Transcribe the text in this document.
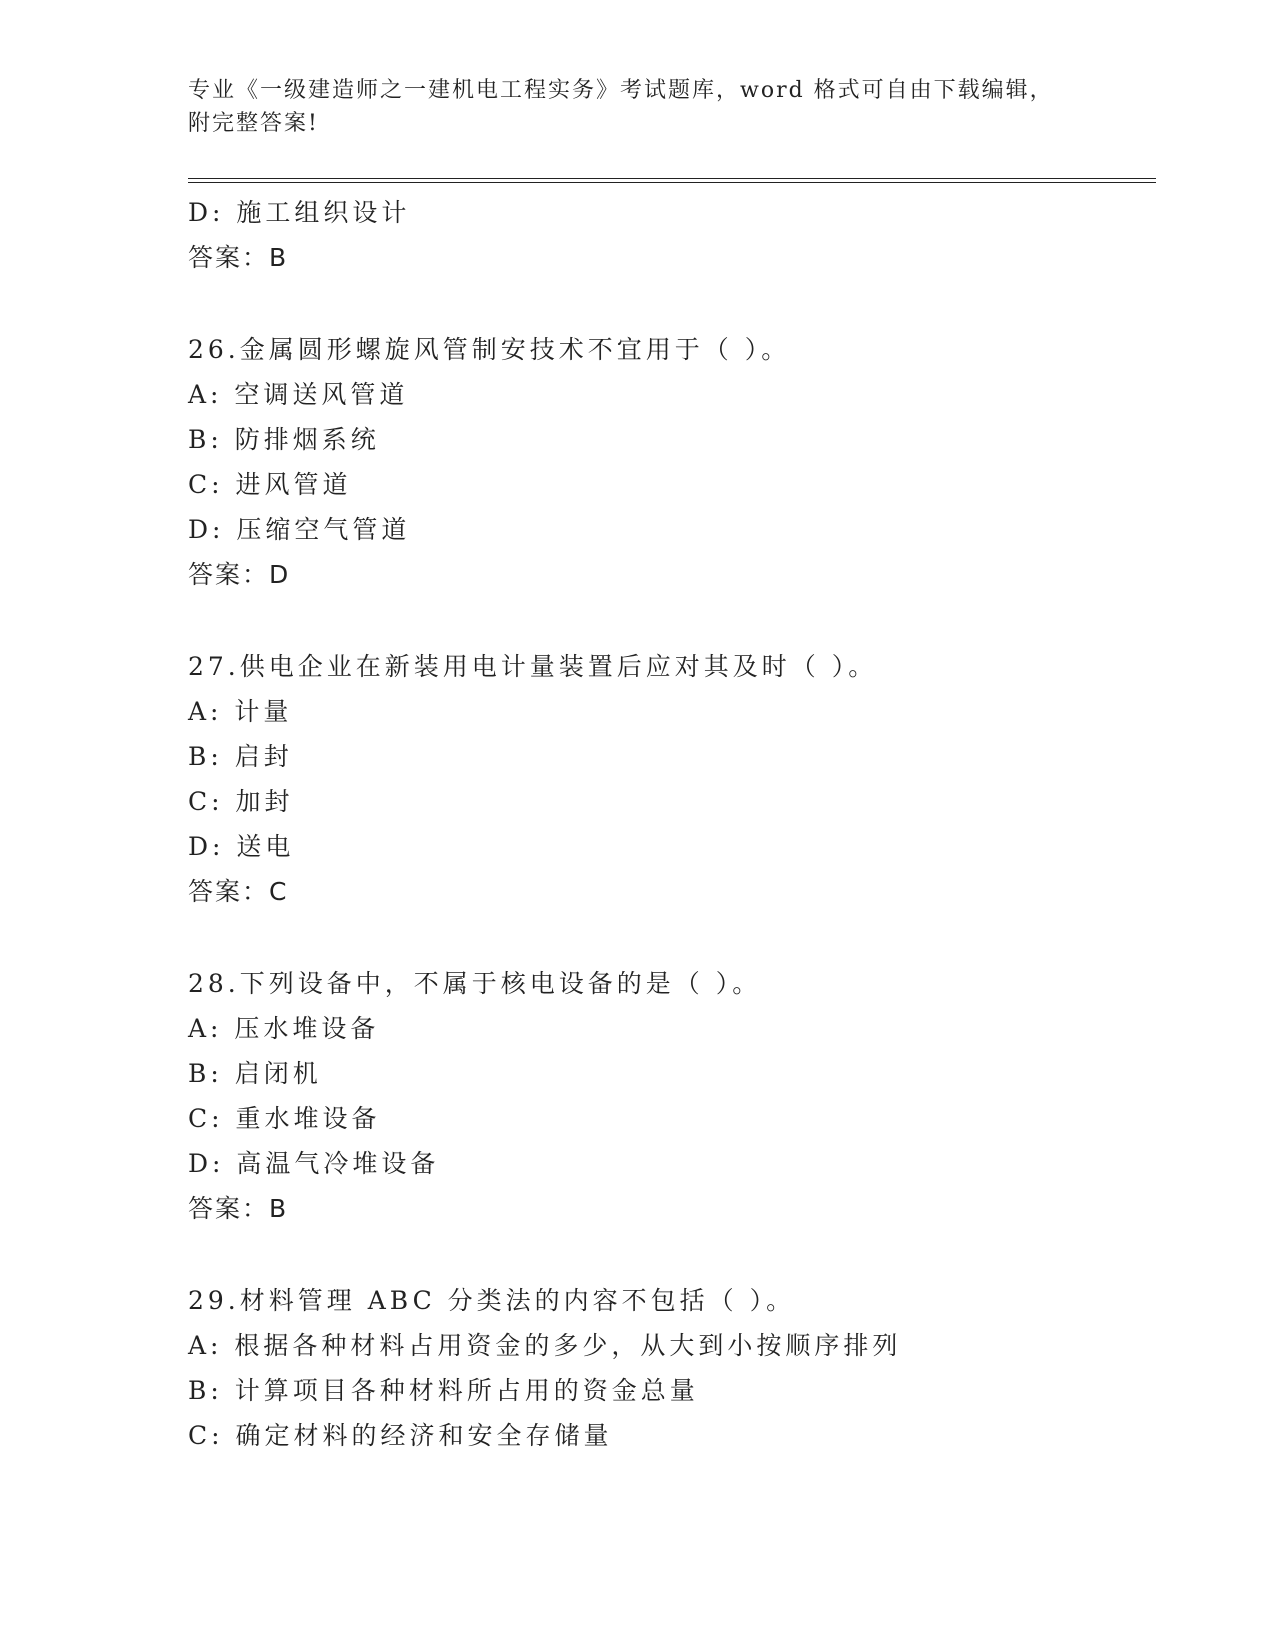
专业《一级建造师之一建机电工程实务》考试题库，word 格式可自由下载编辑，
附完整答案!
D: 施工组织设计
答案：B
26.金属圆形螺旋风管制安技术不宜用于（ ）。
A: 空调送风管道
B: 防排烟系统
C: 进风管道
D: 压缩空气管道
答案：D
27.供电企业在新装用电计量装置后应对其及时（ ）。
A: 计量
B: 启封
C: 加封
D: 送电
答案：C
28.下列设备中，不属于核电设备的是（ ）。
A: 压水堆设备
B: 启闭机
C: 重水堆设备
D: 高温气冷堆设备
答案：B
29.材料管理 ABC 分类法的内容不包括（ ）。
A: 根据各种材料占用资金的多少，从大到小按顺序排列
B: 计算项目各种材料所占用的资金总量
C: 确定材料的经济和安全存储量
